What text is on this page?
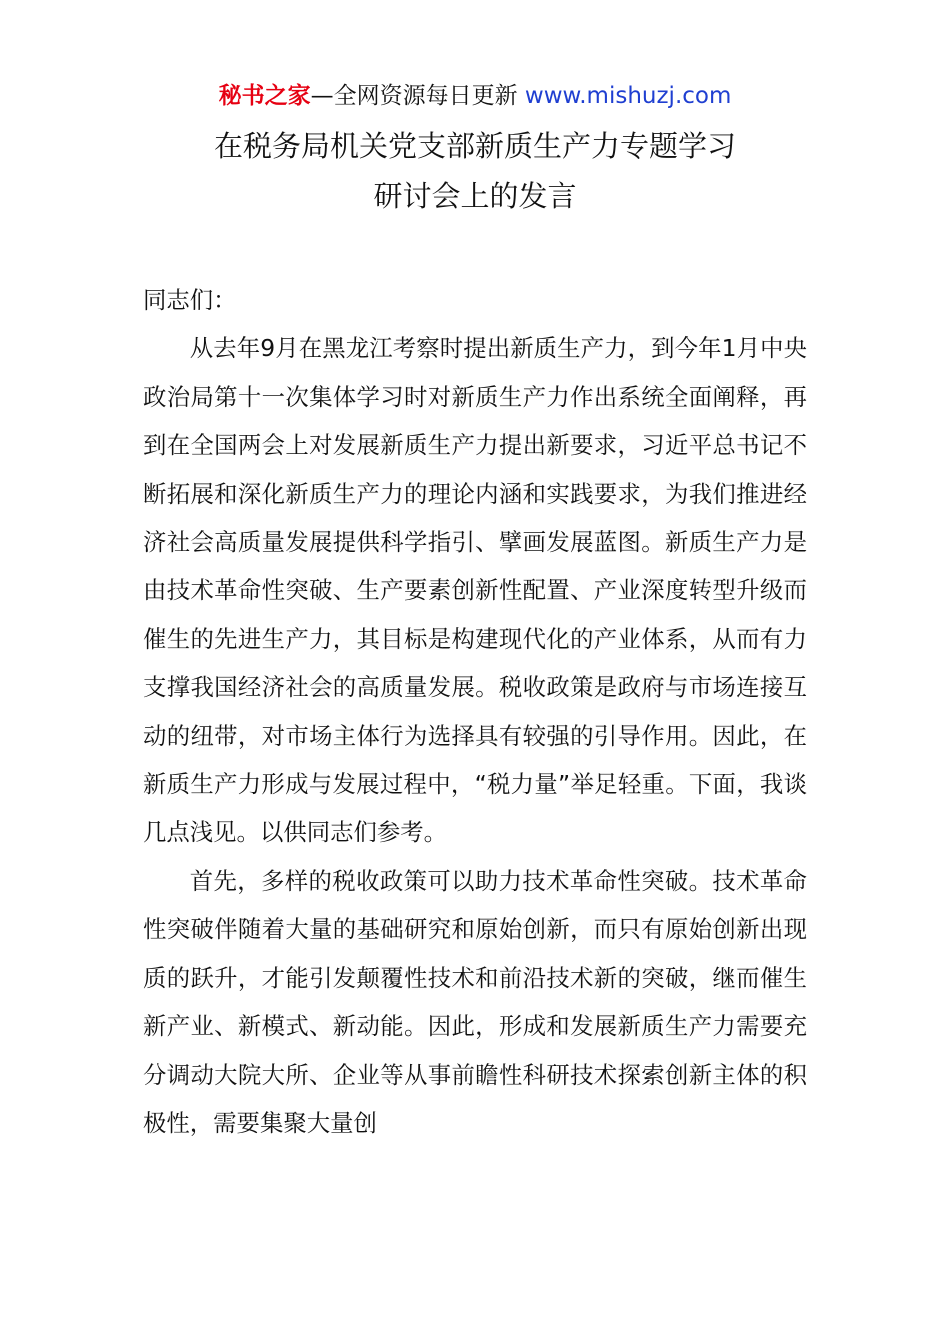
秘书之家—全网资源每日更新 www.mishuzj.com
在税务局机关党支部新质生产力专题学习
研讨会上的发言

同志们：

从去年9月在黑龙江考察时提出新质生产力，到今年1月中央政治局第十一次集体学习时对新质生产力作出系统全面阐释，再到在全国两会上对发展新质生产力提出新要求，习近平总书记不断拓展和深化新质生产力的理论内涵和实践要求，为我们推进经济社会高质量发展提供科学指引、擘画发展蓝图。新质生产力是由技术革命性突破、生产要素创新性配置、产业深度转型升级而催生的先进生产力，其目标是构建现代化的产业体系，从而有力支撑我国经济社会的高质量发展。税收政策是政府与市场连接互动的纽带，对市场主体行为选择具有较强的引导作用。因此，在新质生产力形成与发展过程中，“税力量”举足轻重。下面，我谈几点浅见。以供同志们参考。

首先，多样的税收政策可以助力技术革命性突破。技术革命性突破伴随着大量的基础研究和原始创新，而只有原始创新出现质的跃升，才能引发颠覆性技术和前沿技术新的突破，继而催生新产业、新模式、新动能。因此，形成和发展新质生产力需要充分调动大院大所、企业等从事前瞻性科研技术探索创新主体的积极性，需要集聚大量创
